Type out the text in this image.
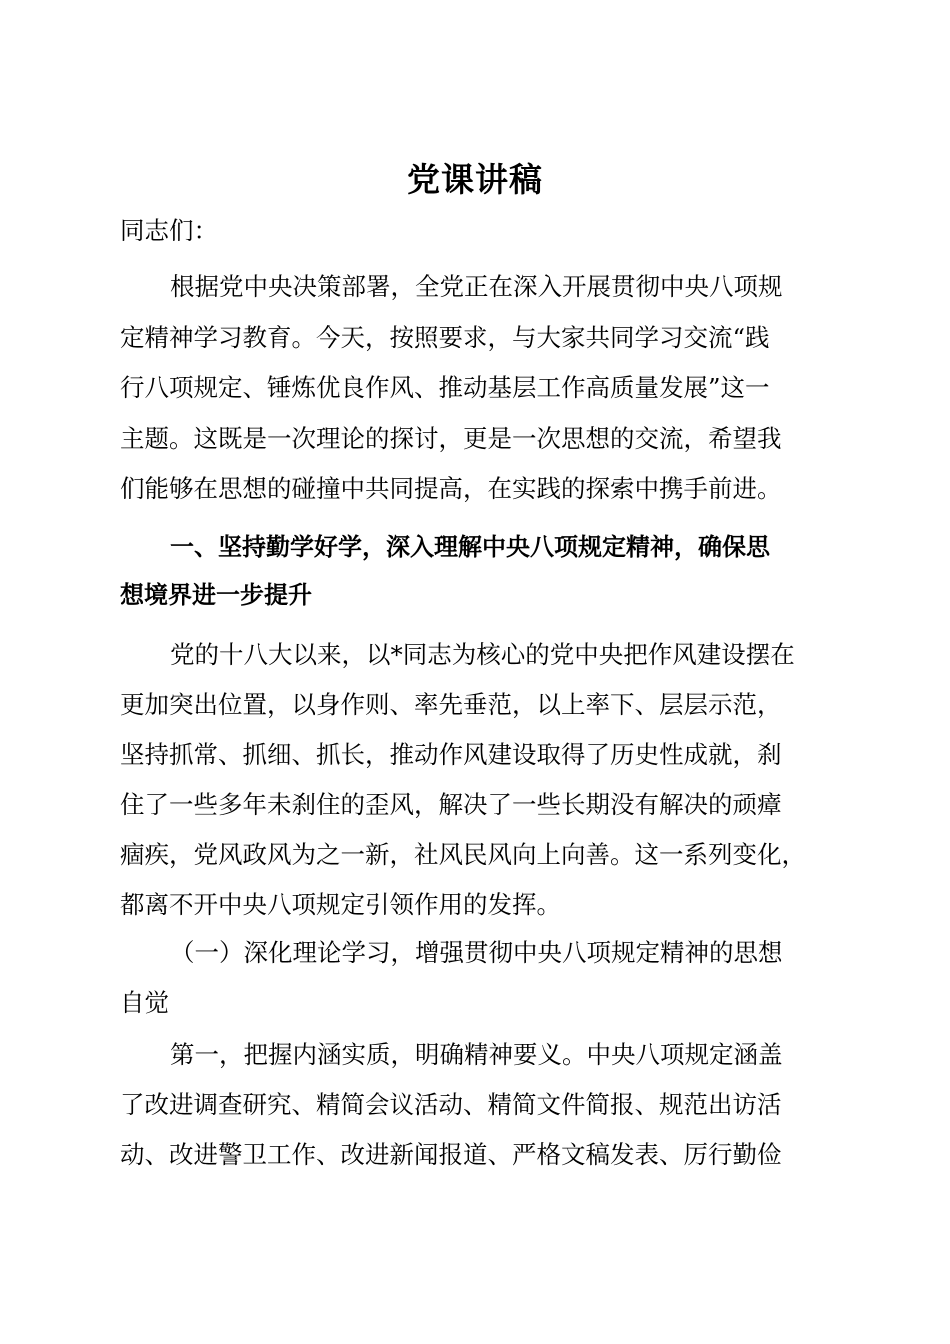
党课讲稿
同志们：
根据党中央决策部署，全党正在深入开展贯彻中央八项规
定精神学习教育。今天，按照要求，与大家共同学习交流“践
行八项规定、锤炼优良作风、推动基层工作高质量发展”这一
主题。这既是一次理论的探讨，更是一次思想的交流，希望我
们能够在思想的碰撞中共同提高，在实践的探索中携手前进。
一、坚持勤学好学，深入理解中央八项规定精神，确保思
想境界进一步提升
党的十八大以来，以*同志为核心的党中央把作风建设摆在
更加突出位置，以身作则、率先垂范，以上率下、层层示范，
坚持抓常、抓细、抓长，推动作风建设取得了历史性成就，刹
住了一些多年未刹住的歪风，解决了一些长期没有解决的顽瘴
痼疾，党风政风为之一新，社风民风向上向善。这一系列变化，
都离不开中央八项规定引领作用的发挥。
（一）深化理论学习，增强贯彻中央八项规定精神的思想
自觉
第一，把握内涵实质，明确精神要义。中央八项规定涵盖
了改进调查研究、精简会议活动、精简文件简报、规范出访活
动、改进警卫工作、改进新闻报道、严格文稿发表、厉行勤俭
